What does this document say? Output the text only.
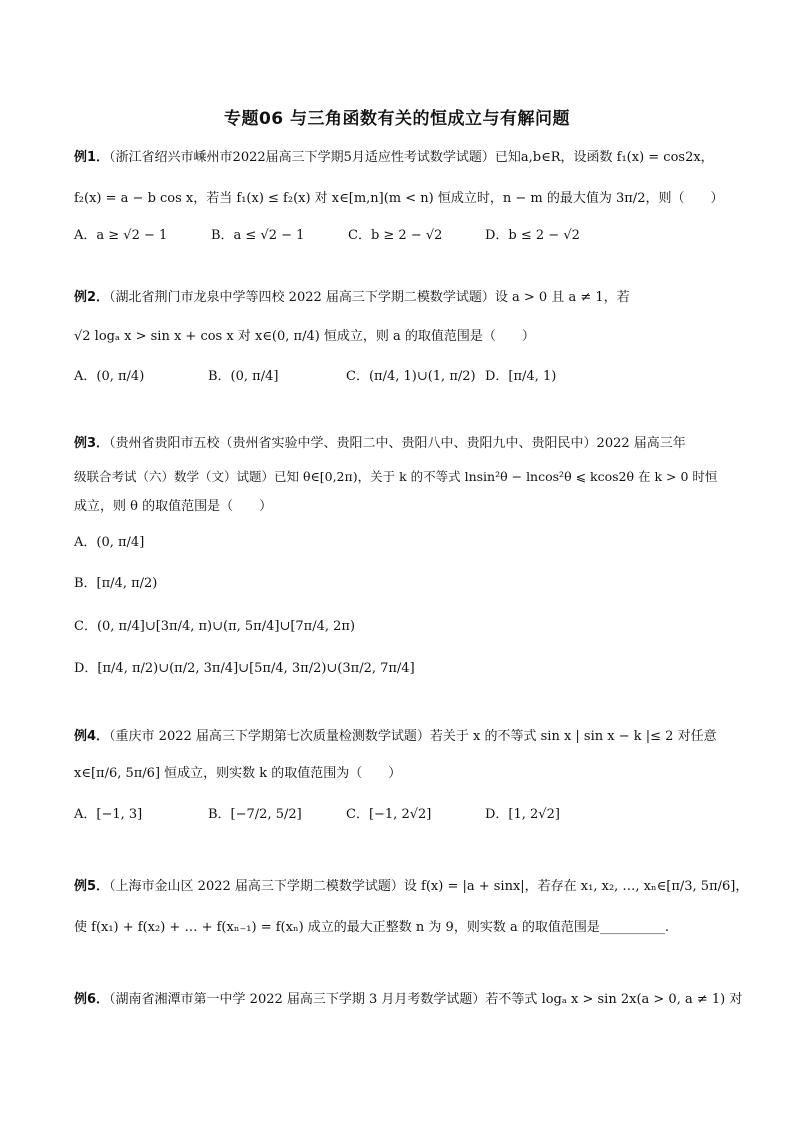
专题06 与三角函数有关的恒成立与有解问题
例1．（浙江省绍兴市嵊州市2022届高三下学期5月适应性考试数学试题）已知a,b∈R，设函数 f₁(x) = cos2x，
f₂(x) = a − b cos x，若当 f₁(x) ≤ f₂(x) 对 x∈[m,n](m < n) 恒成立时，n − m 的最大值为 3π/2，则（　　）
A．a ≥ √2 − 1	B．a ≤ √2 − 1	C．b ≥ 2 − √2	D．b ≤ 2 − √2
例2．（湖北省荆门市龙泉中学等四校 2022 届高三下学期二模数学试题）设 a > 0 且 a ≠ 1，若
√2 logₐ x > sin x + cos x 对 x∈(0, π/4) 恒成立，则 a 的取值范围是（　　）
A．(0, π/4)	B．(0, π/4]	C．(π/4, 1)∪(1, π/2) D．[π/4, 1)
例3．（贵州省贵阳市五校（贵州省实验中学、贵阳二中、贵阳八中、贵阳九中、贵阳民中）2022 届高三年
级联合考试（六）数学（文）试题）已知 θ∈[0,2π)，关于 k 的不等式 lnsin²θ − lncos²θ ⩽ kcos2θ 在 k > 0 时恒
成立，则 θ 的取值范围是（　　）
A．(0, π/4]
B．[π/4, π/2)
C．(0, π/4]∪[3π/4, π)∪(π, 5π/4]∪[7π/4, 2π)
D．[π/4, π/2)∪(π/2, 3π/4]∪[5π/4, 3π/2)∪(3π/2, 7π/4]
例4．（重庆市 2022 届高三下学期第七次质量检测数学试题）若关于 x 的不等式 sin x | sin x − k |≤ 2 对任意
x∈[π/6, 5π/6] 恒成立，则实数 k 的取值范围为（　　）
A．[−1, 3]	B．[−7/2, 5/2]	C．[−1, 2√2]	D．[1, 2√2]
例5．（上海市金山区 2022 届高三下学期二模数学试题）设 f(x) = |a + sinx|，若存在 x₁, x₂, …, xₙ∈[π/3, 5π/6]，
使 f(x₁) + f(x₂) + … + f(xₙ₋₁) = f(xₙ) 成立的最大正整数 n 为 9，则实数 a 的取值范围是__________.
例6．（湖南省湘潭市第一中学 2022 届高三下学期 3 月月考数学试题）若不等式 logₐ x > sin 2x(a > 0, a ≠ 1) 对
